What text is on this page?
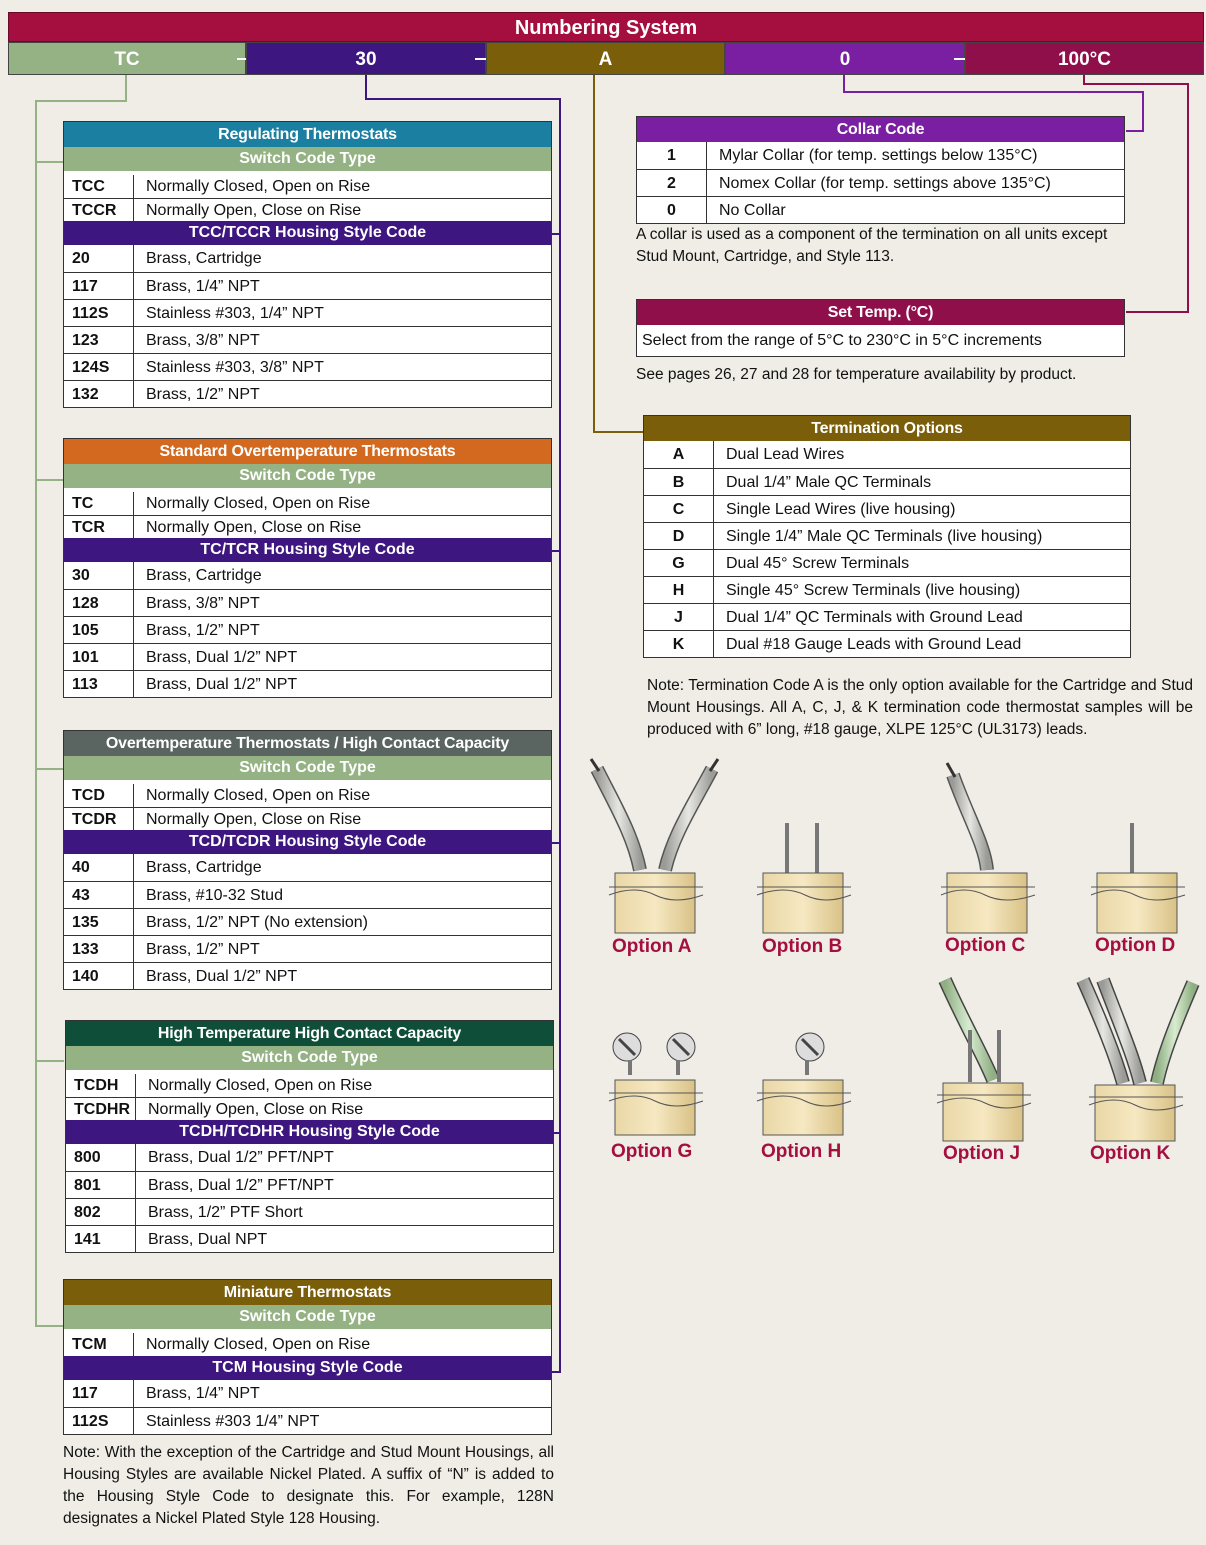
Numbering System
TC	30	A	0	100°C
Regulating Thermostats
Switch Code Type
TCC	Normally Closed, Open on Rise
TCCR	Normally Open, Close on Rise
TCC/TCCR Housing Style Code
20	Brass, Cartridge
117	Brass, 1/4” NPT
112S	Stainless #303, 1/4” NPT
123	Brass, 3/8” NPT
124S	Stainless #303, 3/8” NPT
132	Brass, 1/2” NPT
Standard Overtemperature Thermostats
Switch Code Type
TC	Normally Closed, Open on Rise
TCR	Normally Open, Close on Rise
TC/TCR Housing Style Code
30	Brass, Cartridge
128	Brass, 3/8” NPT
105	Brass, 1/2” NPT
101	Brass, Dual 1/2” NPT
113	Brass, Dual 1/2” NPT
Overtemperature Thermostats / High Contact Capacity
Switch Code Type
TCD	Normally Closed, Open on Rise
TCDR	Normally Open, Close on Rise
TCD/TCDR Housing Style Code
40	Brass, Cartridge
43	Brass, #10-32 Stud
135	Brass, 1/2” NPT (No extension)
133	Brass, 1/2” NPT
140	Brass, Dual 1/2” NPT
High Temperature High Contact Capacity
Switch Code Type
TCDH	Normally Closed, Open on Rise
TCDHR	Normally Open, Close on Rise
TCDH/TCDHR Housing Style Code
800	Brass, Dual 1/2” PFT/NPT
801	Brass, Dual 1/2” PFT/NPT
802	Brass, 1/2” PTF Short
141	Brass, Dual NPT
Miniature Thermostats
Switch Code Type
TCM	Normally Closed, Open on Rise
TCM Housing Style Code
117	Brass, 1/4” NPT
112S	Stainless #303 1/4” NPT
Note: With the exception of the Cartridge and Stud Mount Housings, all Housing Styles are available Nickel Plated. A suffix of “N” is added to the Housing Style Code to designate this. For example, 128N designates a Nickel Plated Style 128 Housing.
Collar Code
1	Mylar Collar (for temp. settings below 135°C)
2	Nomex Collar (for temp. settings above 135°C)
0	No Collar
A collar is used as a component of the termination on all units except Stud Mount, Cartridge, and Style 113.
Set Temp. (°C)
Select from the range of 5°C to 230°C in 5°C increments
See pages 26, 27 and 28 for temperature availability by product.
Termination Options
A	Dual Lead Wires
B	Dual 1/4” Male QC Terminals
C	Single Lead Wires (live housing)
D	Single 1/4” Male QC Terminals (live housing)
G	Dual 45° Screw Terminals
H	Single 45° Screw Terminals (live housing)
J	Dual 1/4” QC Terminals with Ground Lead
K	Dual #18 Gauge Leads with Ground Lead
Note: Termination Code A is the only option available for the Cartridge and Stud Mount Housings. All A, C, J, & K termination code thermostat samples will be produced with 6” long, #18 gauge, XLPE 125°C (UL3173) leads.
Option A	Option B	Option C	Option D
Option G	Option H	Option J	Option K
